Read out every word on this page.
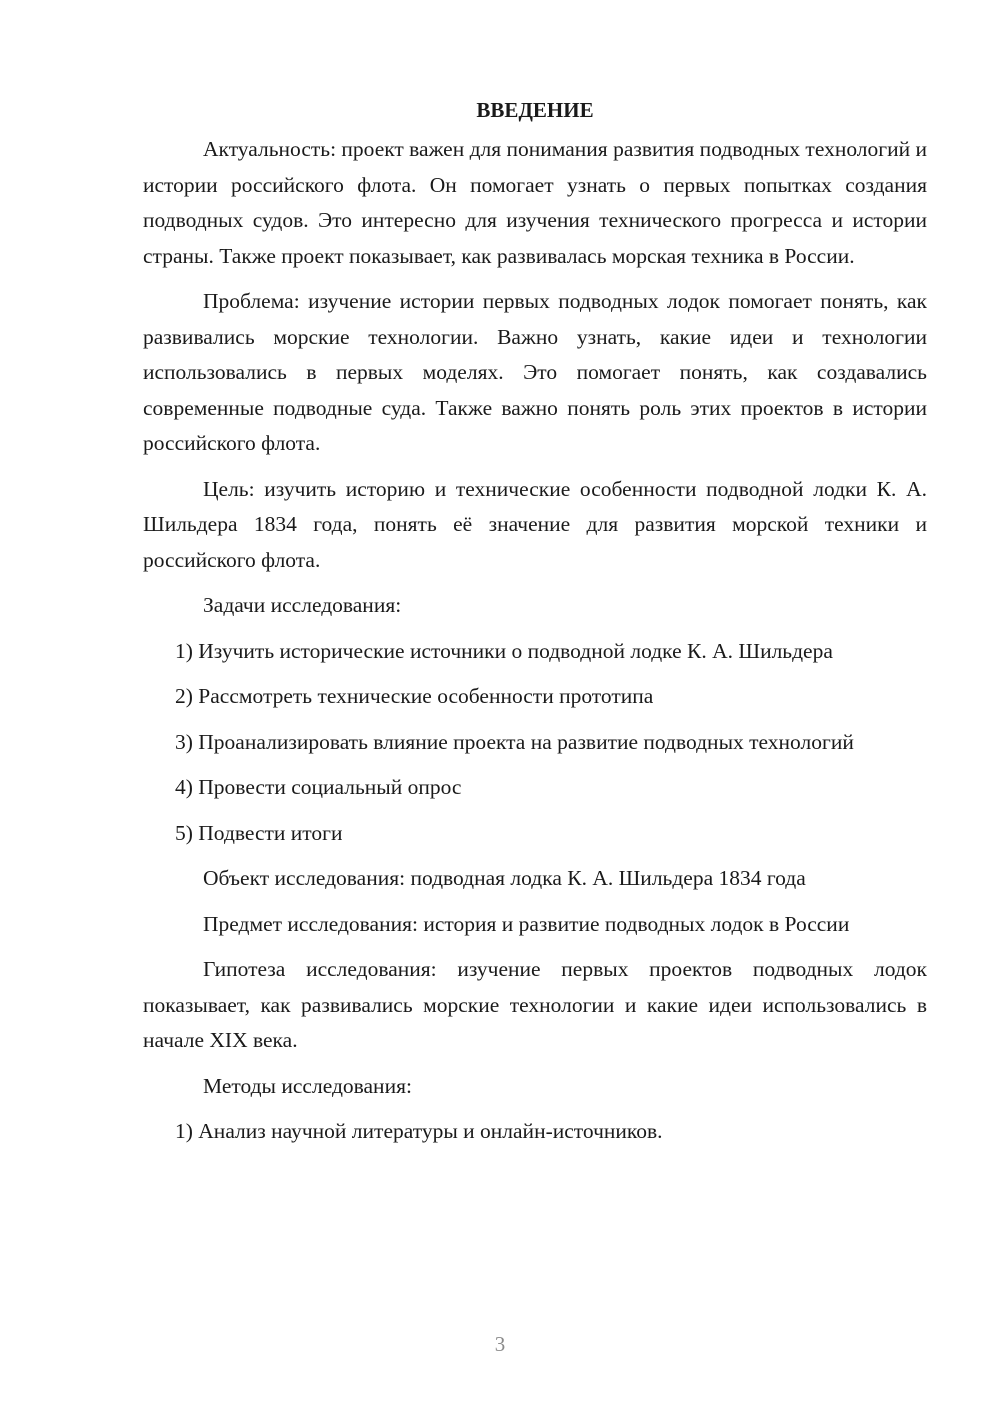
ВВЕДЕНИЕ

Актуальность: проект важен для понимания развития подводных технологий и истории российского флота. Он помогает узнать о первых попытках создания подводных судов. Это интересно для изучения технического прогресса и истории страны. Также проект показывает, как развивалась морская техника в России.

Проблема: изучение истории первых подводных лодок помогает понять, как развивались морские технологии. Важно узнать, какие идеи и технологии использовались в первых моделях. Это помогает понять, как создавались современные подводные суда. Также важно понять роль этих проектов в истории российского флота.

Цель: изучить историю и технические особенности подводной лодки К. А. Шильдера 1834 года, понять её значение для развития морской техники и российского флота.

Задачи исследования:

1) Изучить исторические источники о подводной лодке К. А. Шильдера

2) Рассмотреть технические особенности прототипа

3) Проанализировать влияние проекта на развитие подводных технологий

4) Провести социальный опрос

5) Подвести итоги

Объект исследования: подводная лодка К. А. Шильдера 1834 года

Предмет исследования: история и развитие подводных лодок в России

Гипотеза исследования: изучение первых проектов подводных лодок показывает, как развивались морские технологии и какие идеи использовались в начале XIX века.

Методы исследования:

1) Анализ научной литературы и онлайн-источников.

3
